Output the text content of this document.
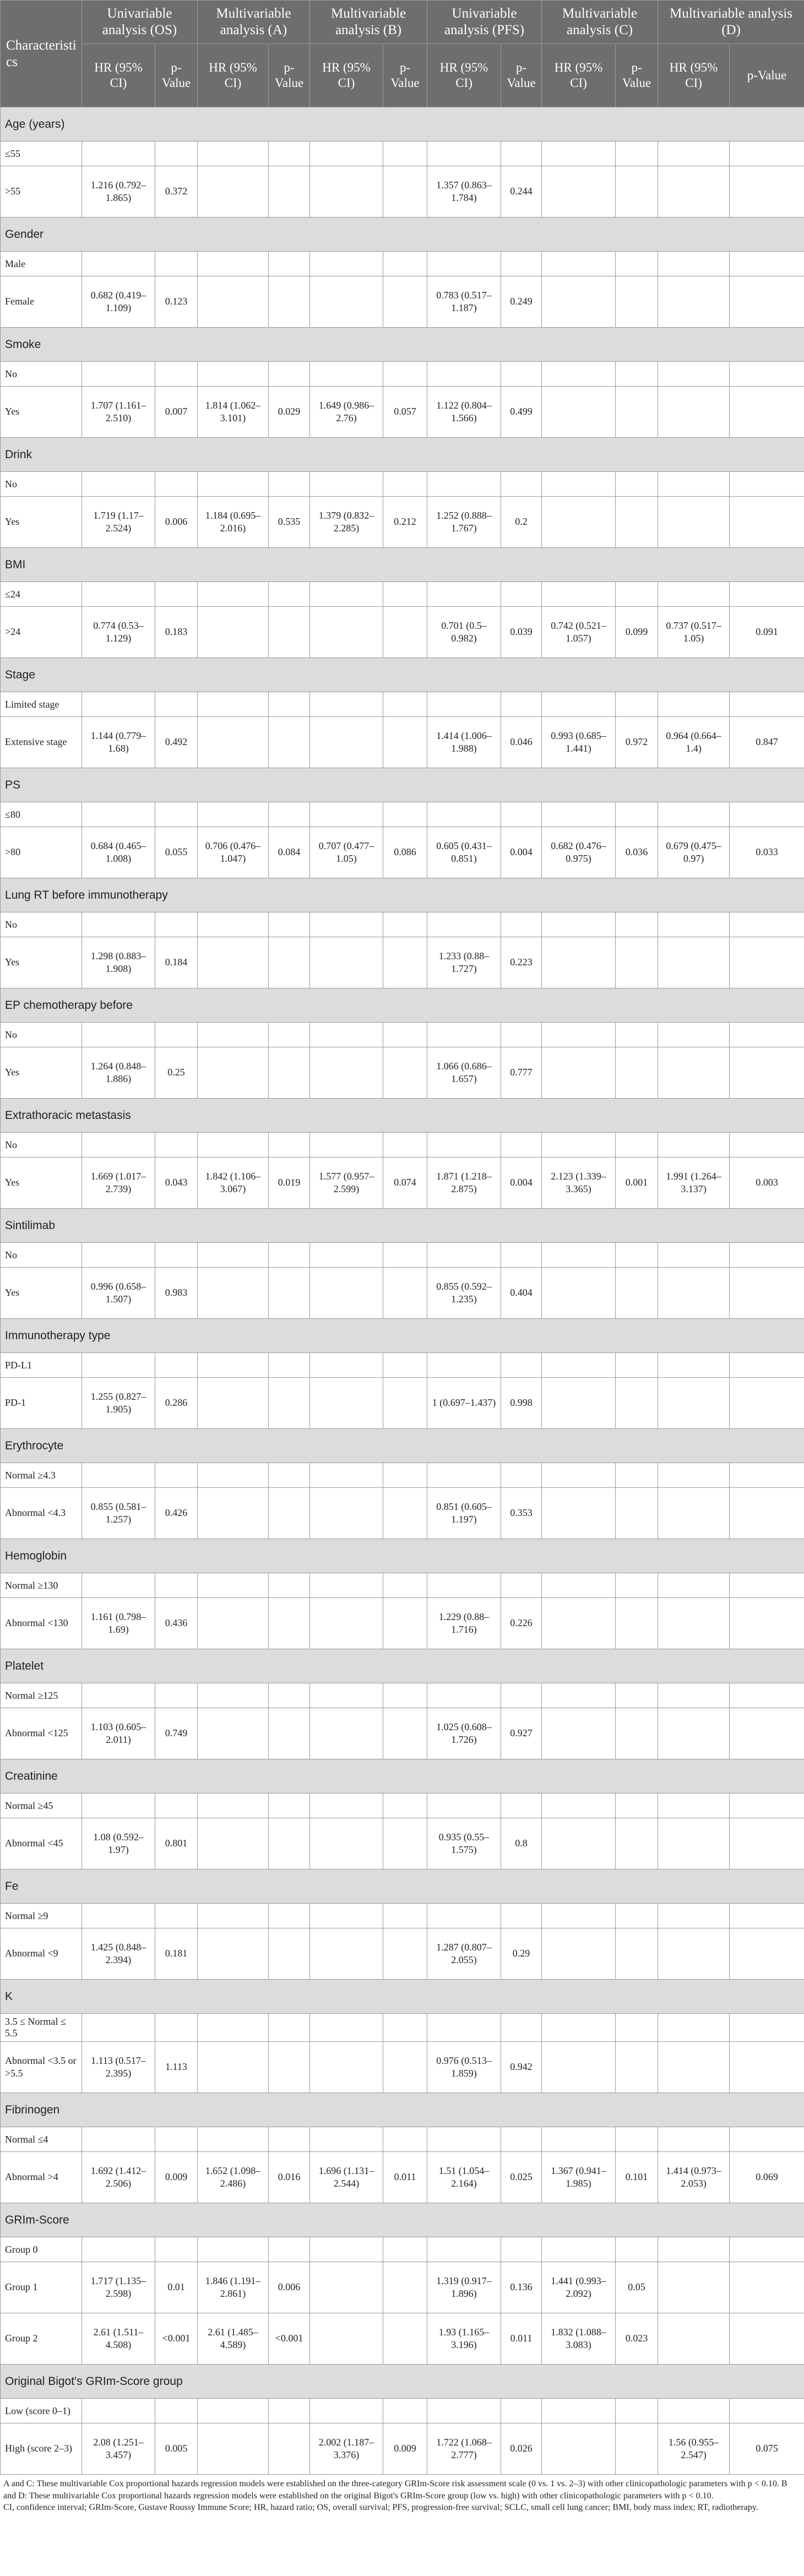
Characteristics	Univariable analysis (OS)		Multivariable analysis (A)		Multivariable analysis (B)		Univariable analysis (PFS)		Multivariable analysis (C)		Multivariable analysis (D)	
	HR (95% CI)	p-Value	HR (95% CI)	p-Value	HR (95% CI)	p-Value	HR (95% CI)	p-Value	HR (95% CI)	p-Value	HR (95% CI)	p-Value
Age (years)												
≤55												
>55	1.216 (0.792–1.865)	0.372					1.357 (0.863–1.784)	0.244				
Gender												
Male												
Female	0.682 (0.419–1.109)	0.123					0.783 (0.517–1.187)	0.249				
Smoke												
No												
Yes	1.707 (1.161–2.510)	0.007	1.814 (1.062–3.101)	0.029	1.649 (0.986–2.76)	0.057	1.122 (0.804–1.566)	0.499				
Drink												
No												
Yes	1.719 (1.17–2.524)	0.006	1.184 (0.695–2.016)	0.535	1.379 (0.832–2.285)	0.212	1.252 (0.888–1.767)	0.2				
BMI												
≤24												
>24	0.774 (0.53–1.129)	0.183					0.701 (0.5–0.982)	0.039	0.742 (0.521–1.057)	0.099	0.737 (0.517–1.05)	0.091
Stage												
Limited stage												
Extensive stage	1.144 (0.779–1.68)	0.492					1.414 (1.006–1.988)	0.046	0.993 (0.685–1.441)	0.972	0.964 (0.664–1.4)	0.847
PS												
≤80												
>80	0.684 (0.465–1.008)	0.055	0.706 (0.476–1.047)	0.084	0.707 (0.477–1.05)	0.086	0.605 (0.431–0.851)	0.004	0.682 (0.476–0.975)	0.036	0.679 (0.475–0.97)	0.033
Lung RT before immunotherapy												
No												
Yes	1.298 (0.883–1.908)	0.184					1.233 (0.88–1.727)	0.223				
EP chemotherapy before												
No												
Yes	1.264 (0.848–1.886)	0.25					1.066 (0.686–1.657)	0.777				
Extrathoracic metastasis												
No												
Yes	1.669 (1.017–2.739)	0.043	1.842 (1.106–3.067)	0.019	1.577 (0.957–2.599)	0.074	1.871 (1.218–2.875)	0.004	2.123 (1.339–3.365)	0.001	1.991 (1.264–3.137)	0.003
Sintilimab												
No												
Yes	0.996 (0.658–1.507)	0.983					0.855 (0.592–1.235)	0.404				
Immunotherapy type												
PD-L1												
PD-1	1.255 (0.827–1.905)	0.286					1 (0.697–1.437)	0.998				
Erythrocyte												
Normal ≥4.3												
Abnormal <4.3	0.855 (0.581–1.257)	0.426					0.851 (0.605–1.197)	0.353				
Hemoglobin												
Normal ≥130												
Abnormal <130	1.161 (0.798–1.69)	0.436					1.229 (0.88–1.716)	0.226				
Platelet												
Normal ≥125												
Abnormal <125	1.103 (0.605–2.011)	0.749					1.025 (0.608–1.726)	0.927				
Creatinine												
Normal ≥45												
Abnormal <45	1.08 (0.592–1.97)	0.801					0.935 (0.55–1.575)	0.8				
Fe												
Normal ≥9												
Abnormal <9	1.425 (0.848–2.394)	0.181					1.287 (0.807–2.055)	0.29				
K												
3.5 ≤ Normal ≤ 5.5												
Abnormal <3.5 or >5.5	1.113 (0.517–2.395)	1.113					0.976 (0.513–1.859)	0.942				
Fibrinogen												
Normal ≤4												
Abnormal >4	1.692 (1.412–2.506)	0.009	1.652 (1.098–2.486)	0.016	1.696 (1.131–2.544)	0.011	1.51 (1.054–2.164)	0.025	1.367 (0.941–1.985)	0.101	1.414 (0.973–2.053)	0.069
GRIm-Score												
Group 0												
Group 1	1.717 (1.135–2.598)	0.01	1.846 (1.191–2.861)	0.006			1.319 (0.917–1.896)	0.136	1.441 (0.993–2.092)	0.05		
Group 2	2.61 (1.511–4.508)	<0.001	2.61 (1.485–4.589)	<0.001			1.93 (1.165–3.196)	0.011	1.832 (1.088–3.083)	0.023		
Original Bigot's GRIm-Score group												
Low (score 0–1)												
High (score 2–3)	2.08 (1.251–3.457)	0.005			2.002 (1.187–3.376)	0.009	1.722 (1.068–2.777)	0.026			1.56 (0.955–2.547)	0.075
A and C: These multivariable Cox proportional hazards regression models were established on the three-category GRIm-Score risk assessment scale (0 vs. 1 vs. 2–3) with other clinicopathologic parameters with p < 0.10. B and D: These multivariable Cox proportional hazards regression models were established on the original Bigot's GRIm-Score group (low vs. high) with other clinicopathologic parameters with p < 0.10.
CI, confidence interval; GRIm-Score, Gustave Roussy Immune Score; HR, hazard ratio; OS, overall survival; PFS, progression-free survival; SCLC, small cell lung cancer; BMI, body mass index; RT, radiotherapy.
